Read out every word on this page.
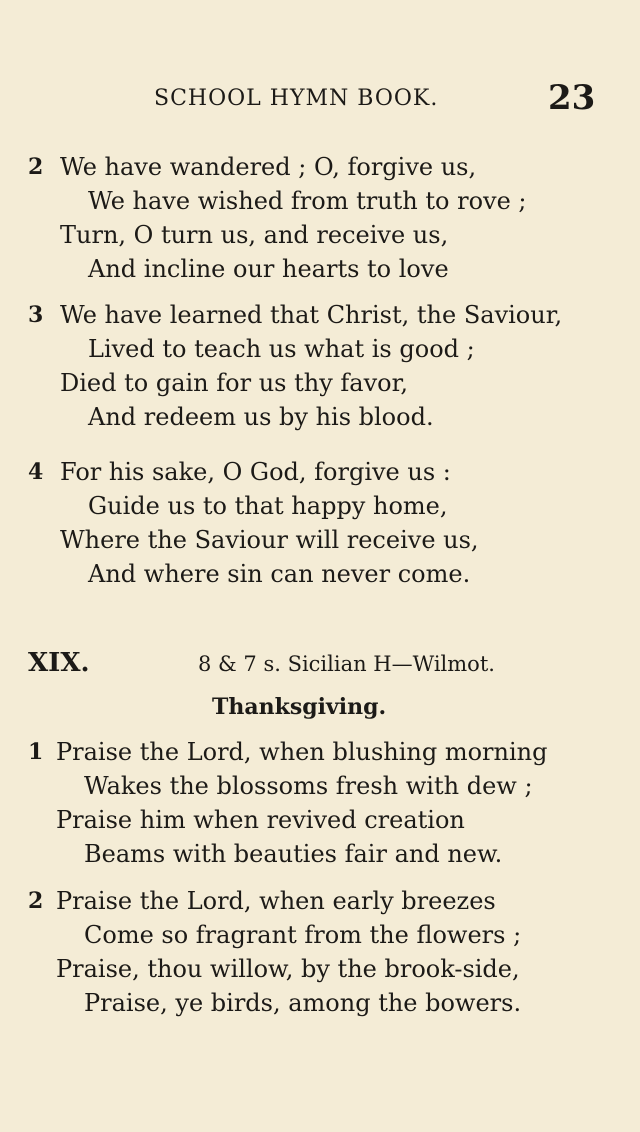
SCHOOL HYMN BOOK.	23
2 We have wandered ; O, forgive us,
We have wished from truth to rove ;
Turn, O turn us, and receive us,
And incline our hearts to love
3 We have learned that Christ, the Saviour,
Lived to teach us what is good ;
Died to gain for us thy favor,
And redeem us by his blood.
4 For his sake, O God, forgive us :
Guide us to that happy home,
Where the Saviour will receive us,
And where sin can never come.
XIX.	8 & 7 s. Sicilian H—Wilmot.
Thanksgiving.
1 Praise the Lord, when blushing morning
Wakes the blossoms fresh with dew ;
Praise him when revived creation
Beams with beauties fair and new.
2 Praise the Lord, when early breezes
Come so fragrant from the flowers ;
Praise, thou willow, by the brook-side,
Praise, ye birds, among the bowers.
